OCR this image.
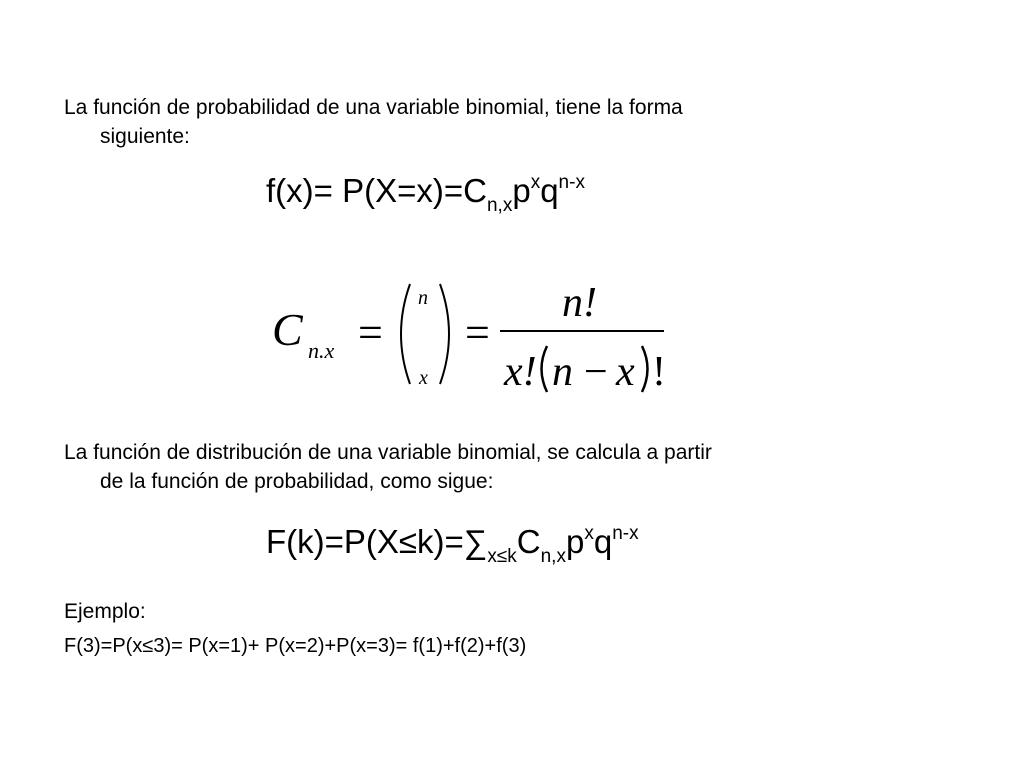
La función de probabilidad de una variable binomial, tiene la forma
siguiente:
$f(x)= P(X=x)=C_{n,x}p^xq^{n-x}$
C n.x =
n
x
=
n!
x! n − x !
La función de distribución de una variable binomial, se calcula a partir
de la función de probabilidad, como sigue:
$F(k)=P(X\le k)=\sum_{x\le k}C_{n,x}p^xq^{n-x}$
Ejemplo:
F(3)=P(x≤3)= P(x=1)+ P(x=2)+P(x=3)= f(1)+f(2)+f(3)
